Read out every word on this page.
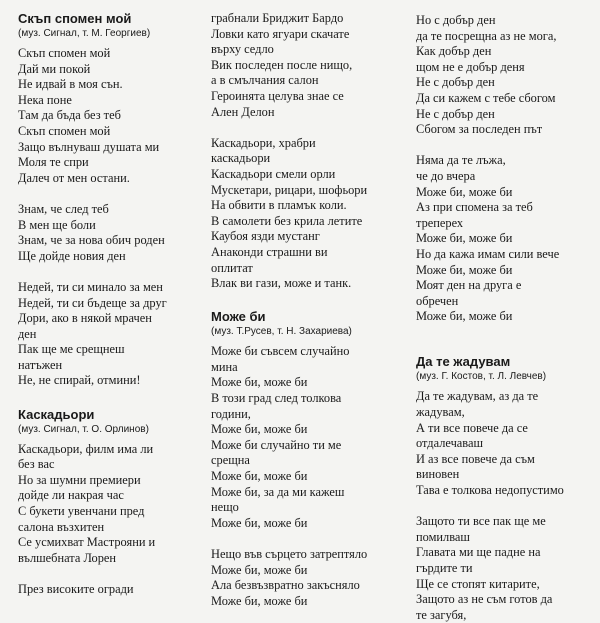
Скъп спомен мой
(муз. Сигнал, т. М. Георгиев)
Скъп спомен мой
Дай ми покой
Не идвай в моя сън.
Нека поне
Там да бъда без теб
Скъп спомен мой
Защо вълнуваш душата ми
Моля те спри
Далеч от мен остани.
Знам, че след теб
В мен ще боли
Знам, че за нова обич роден
Ще дойде новия ден
Недей, ти си минало за мен
Недей, ти си бъдеще за друг
Дори, ако в някой мрачен
ден
Пак ще ме срещнеш
натъжен
Не, не спирай, отмини!
Каскадьори
(муз. Сигнал, т. О. Орлинов)
Каскадьори, филм има ли
без вас
Но за шумни премиери
дойде ли накрая час
С букети увенчани пред
салона възхитен
Се усмихват Мастрояни и
вълшебната Лорен
През високите огради
грабнали Бриджит Бардо
Ловки като ягуари скачате
върху седло
Вик последен после нищо,
а в смълчания салон
Героинята целува знае се
Ален Делон
Каскадьори, храбри
каскадьори
Каскадьори смели орли
Мускетари, рицари, шофьори
На обвити в пламък коли.
В самолети без крила летите
Каубоя язди мустанг
Анаконди страшни ви
оплитат
Влак ви гази, може и танк.
Може би
(муз. Т.Русев, т. Н. Захариева)
Може би съвсем случайно
мина
Може би, може би
В този град след толкова
години,
Може би, може би
Може би случайно ти ме
срещна
Може би, може би
Може би, за да ми кажеш
нещо
Може би, може би
Нещо във сърцето затрептяло
Може би, може би
Ала безвъзвратно закъсняло
Може би, може би
Но с добър ден
да те посрещна аз не мога,
Как добър ден
щом не е добър деня
Не с добър ден
Да си кажем с тебе сбогом
Не с добър ден
Сбогом за последен път
Няма да те лъжа,
че до вчера
Може би, може би
Аз при спомена за теб
треперех
Може би, може би
Но да кажа имам сили вече
Може би, може би
Моят ден на друга е
обречен
Може би, може би
Да те жадувам
(муз. Г. Костов, т. Л. Левчев)
Да те жадувам, аз да те
жадувам,
А ти все повече да се
отдалечаваш
И аз все повече да съм
виновен
Тава е толкова недопустимо
Защото ти все пак ще ме
помилваш
Главата ми ще падне на
гърдите ти
Ще се стопят китарите,
Защото аз не съм готов да
те загубя,
